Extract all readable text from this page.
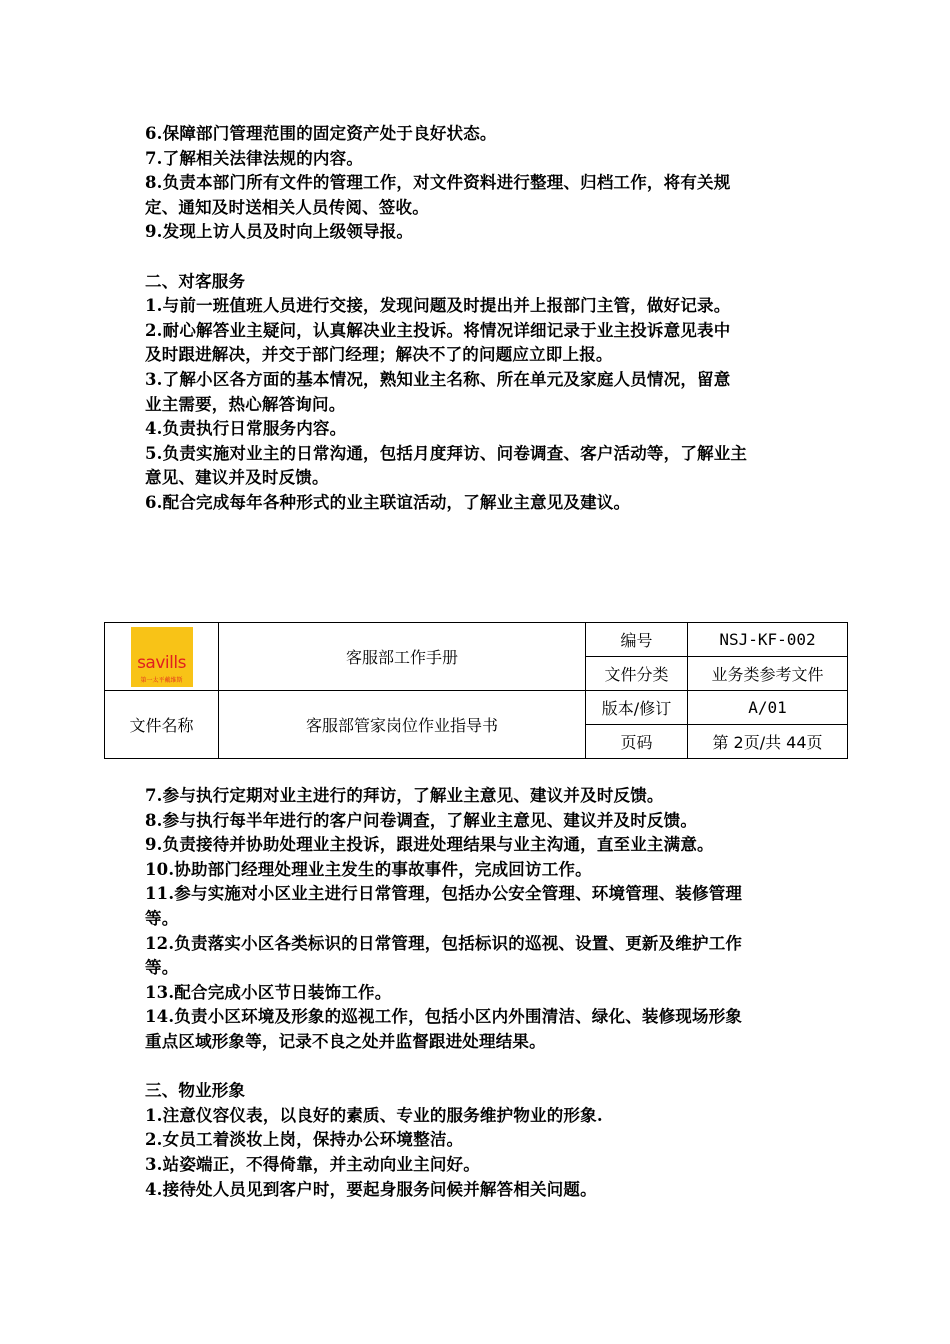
6.保障部门管理范围的固定资产处于良好状态。
7.了解相关法律法规的内容。
8.负责本部门所有文件的管理工作，对文件资料进行整理、归档工作，将有关规
定、通知及时送相关人员传阅、签收。
9.发现上访人员及时向上级领导报。
二、对客服务
1.与前一班值班人员进行交接，发现问题及时提出并上报部门主管，做好记录。
2.耐心解答业主疑问，认真解决业主投诉。将情况详细记录于业主投诉意见表中
及时跟进解决，并交于部门经理；解决不了的问题应立即上报。
3.了解小区各方面的基本情况，熟知业主名称、所在单元及家庭人员情况，留意
业主需要，热心解答询问。
4.负责执行日常服务内容。
5.负责实施对业主的日常沟通，包括月度拜访、问卷调查、客户活动等，了解业主
意见、建议并及时反馈。
6.配合完成每年各种形式的业主联谊活动，了解业主意见及建议。
savills
第一太平戴维斯	客服部工作手册	编号	NSJ-KF-002
		文件分类	业务类参考文件
文件名称	客服部管家岗位作业指导书	版本/修订	A/01
		页码	第 2页/共 44页
7.参与执行定期对业主进行的拜访，了解业主意见、建议并及时反馈。
8.参与执行每半年进行的客户问卷调查，了解业主意见、建议并及时反馈。
9.负责接待并协助处理业主投诉，跟进处理结果与业主沟通，直至业主满意。
10.协助部门经理处理业主发生的事故事件，完成回访工作。
11.参与实施对小区业主进行日常管理，包括办公安全管理、环境管理、装修管理
等。
12.负责落实小区各类标识的日常管理，包括标识的巡视、设置、更新及维护工作
等。
13.配合完成小区节日装饰工作。
14.负责小区环境及形象的巡视工作，包括小区内外围清洁、绿化、装修现场形象
重点区域形象等，记录不良之处并监督跟进处理结果。
三、物业形象
1.注意仪容仪表，以良好的素质、专业的服务维护物业的形象.
2.女员工着淡妆上岗，保持办公环境整洁。
3.站姿端正，不得倚靠，并主动向业主问好。
4.接待处人员见到客户时，要起身服务问候并解答相关问题。
